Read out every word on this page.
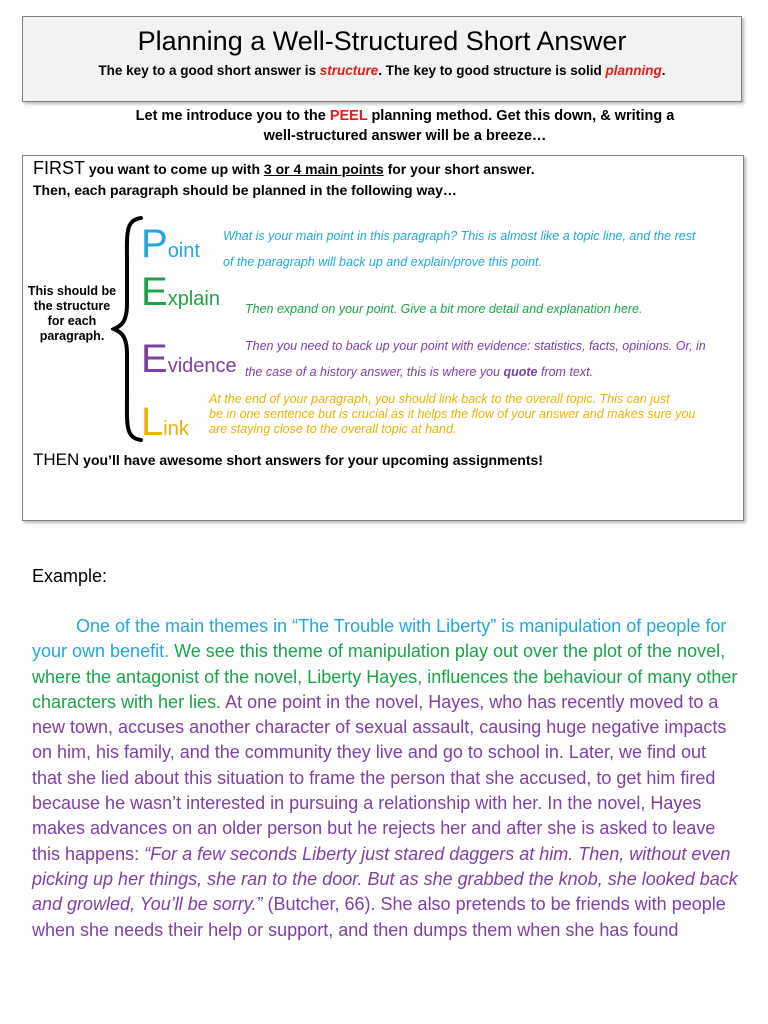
Planning a Well-Structured Short Answer
The key to a good short answer is structure. The key to good structure is solid planning.
Let me introduce you to the PEEL planning method. Get this down, & writing a
well-structured answer will be a breeze…
FIRST you want to come up with 3 or 4 main points for your short answer.
Then, each paragraph should be planned in the following way…
This should be the structure for each paragraph.
Point
Explain
Evidence
Link
What is your main point in this paragraph? This is almost like a topic line, and the rest
of the paragraph will back up and explain/prove this point.
Then expand on your point. Give a bit more detail and explanation here.
Then you need to back up your point with evidence: statistics, facts, opinions. Or, in
the case of a history answer, this is where you quote from text.
At the end of your paragraph, you should link back to the overall topic. This can just
be in one sentence but is crucial as it helps the flow of your answer and makes sure you
are staying close to the overall topic at hand.
THEN you’ll have awesome short answers for your upcoming assignments!
Example:

One of the main themes in “The Trouble with Liberty” is manipulation of people for your own benefit. We see this theme of manipulation play out over the plot of the novel, where the antagonist of the novel, Liberty Hayes, influences the behaviour of many other characters with her lies. At one point in the novel, Hayes, who has recently moved to a new town, accuses another character of sexual assault, causing huge negative impacts on him, his family, and the community they live and go to school in. Later, we find out that she lied about this situation to frame the person that she accused, to get him fired because he wasn’t interested in pursuing a relationship with her. In the novel, Hayes makes advances on an older person but he rejects her and after she is asked to leave this happens: “For a few seconds Liberty just stared daggers at him. Then, without even picking up her things, she ran to the door. But as she grabbed the knob, she looked back and growled, You’ll be sorry.” (Butcher, 66). She also pretends to be friends with people when she needs their help or support, and then dumps them when she has found
